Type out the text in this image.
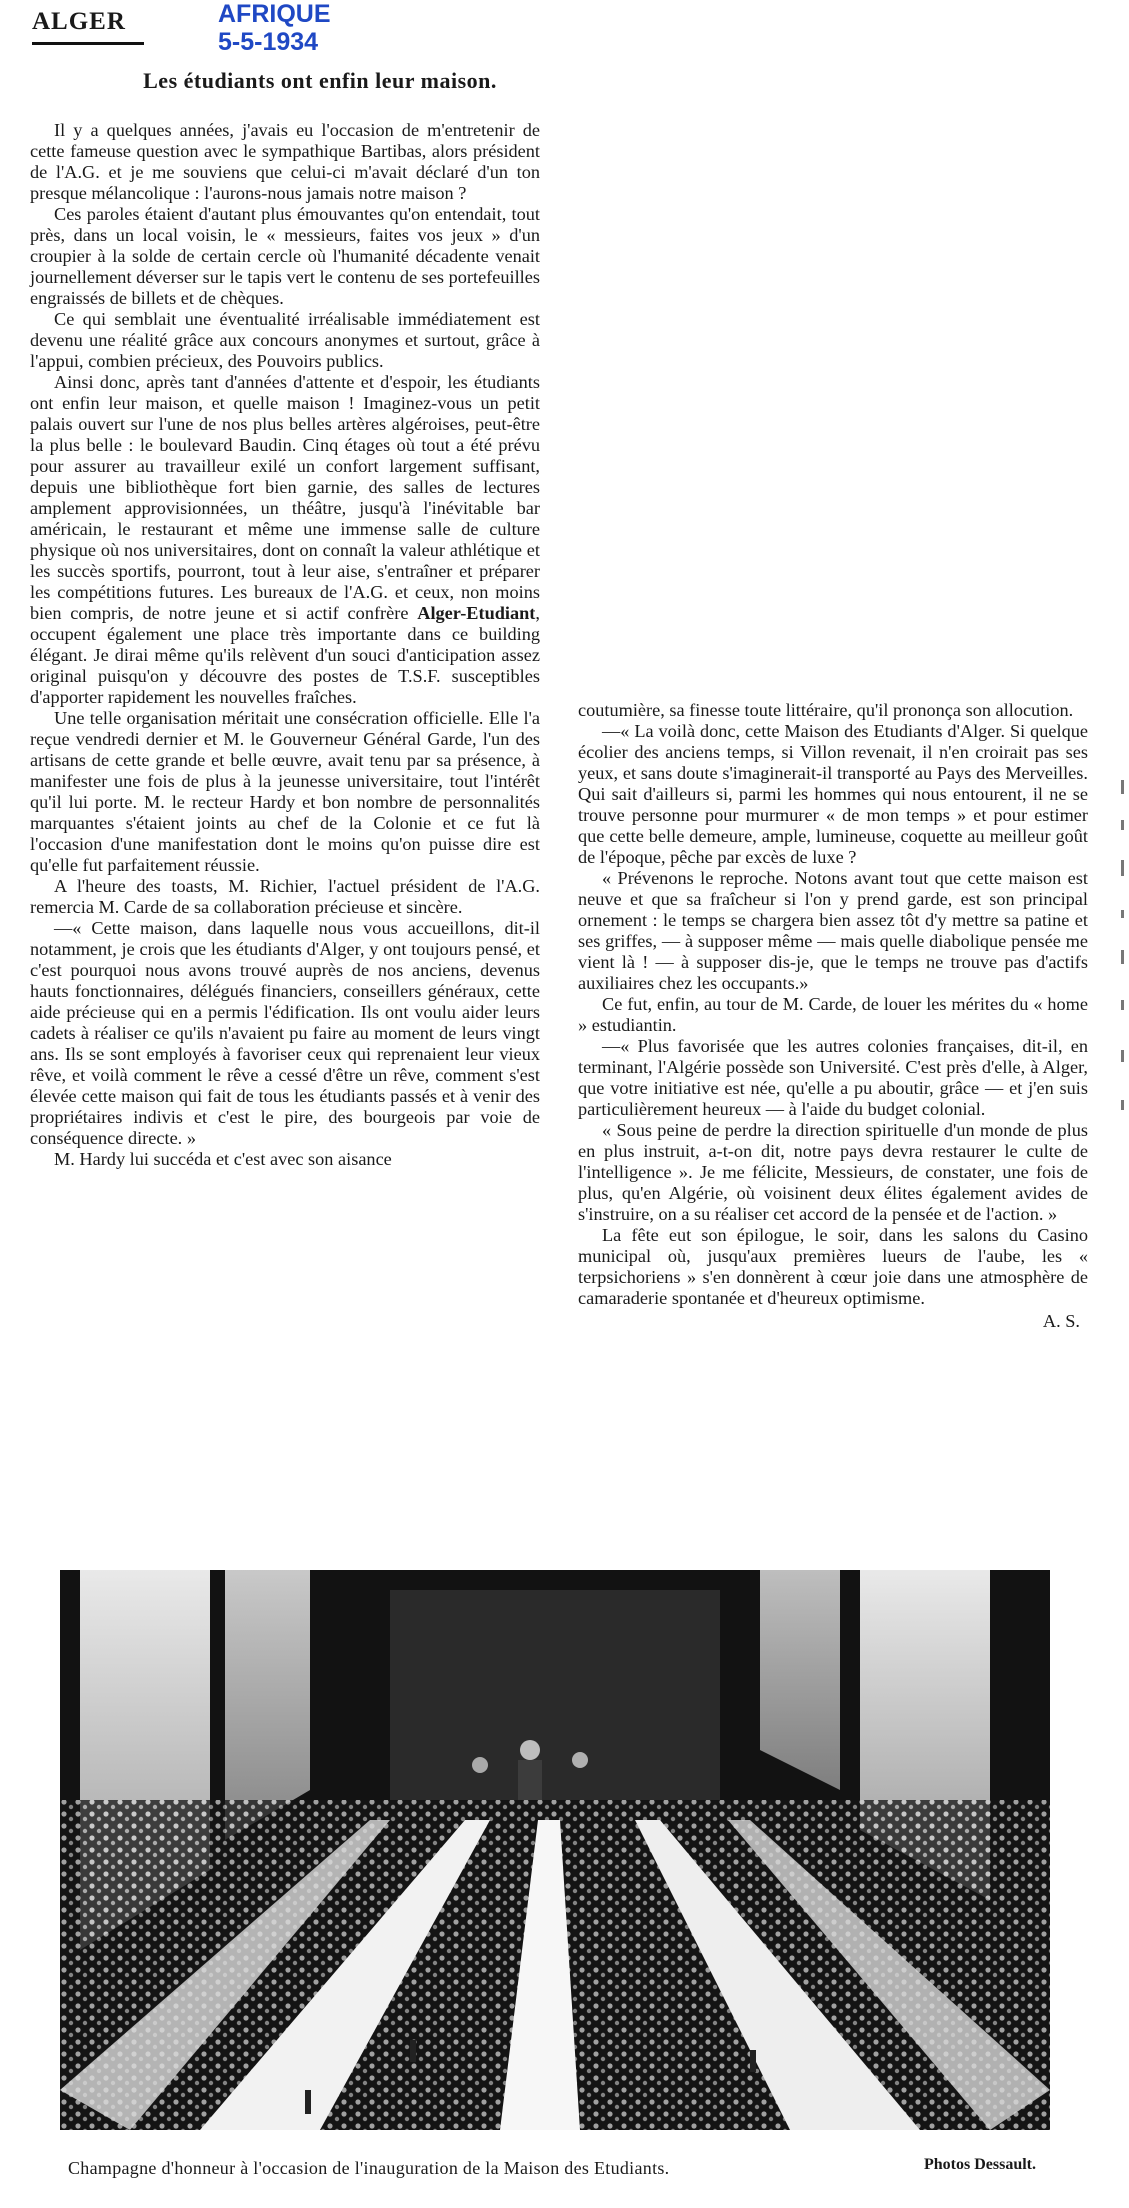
ALGER	AFRIQUE
5-5-1934
Les étudiants ont enfin leur maison.

Il y a quelques années, j'avais eu l'occasion de m'entretenir de cette fameuse question avec le sympathique Bartibas, alors président de l'A.G. et je me souviens que celui-ci m'avait déclaré d'un ton presque mélancolique : l'aurons-nous jamais notre maison ?

Ces paroles étaient d'autant plus émouvantes qu'on entendait, tout près, dans un local voisin, le « messieurs, faites vos jeux » d'un croupier à la solde de certain cercle où l'humanité décadente venait journellement déverser sur le tapis vert le contenu de ses portefeuilles engraissés de billets et de chèques.

Ce qui semblait une éventualité irréalisable immédiatement est devenu une réalité grâce aux concours anonymes et surtout, grâce à l'appui, combien précieux, des Pouvoirs publics.

Ainsi donc, après tant d'années d'attente et d'espoir, les étudiants ont enfin leur maison, et quelle maison ! Imaginez-vous un petit palais ouvert sur l'une de nos plus belles artères algéroises, peut-être la plus belle : le boulevard Baudin. Cinq étages où tout a été prévu pour assurer au travailleur exilé un confort largement suffisant, depuis une bibliothèque fort bien garnie, des salles de lectures amplement approvisionnées, un théâtre, jusqu'à l'inévitable bar américain, le restaurant et même une immense salle de culture physique où nos universitaires, dont on connaît la valeur athlétique et les succès sportifs, pourront, tout à leur aise, s'entraîner et préparer les compétitions futures. Les bureaux de l'A.G. et ceux, non moins bien compris, de notre jeune et si actif confrère Alger-Etudiant, occupent également une place très importante dans ce building élégant. Je dirai même qu'ils relèvent d'un souci d'anticipation assez original puisqu'on y découvre des postes de T.S.F. susceptibles d'apporter rapidement les nouvelles fraîches.

Une telle organisation méritait une consécration officielle. Elle l'a reçue vendredi dernier et M. le Gouverneur Général Garde, l'un des artisans de cette grande et belle œuvre, avait tenu par sa présence, à manifester une fois de plus à la jeunesse universitaire, tout l'intérêt qu'il lui porte. M. le recteur Hardy et bon nombre de personnalités marquantes s'étaient joints au chef de la Colonie et ce fut là l'occasion d'une manifestation dont le moins qu'on puisse dire est qu'elle fut parfaitement réussie.

A l'heure des toasts, M. Richier, l'actuel président de l'A.G. remercia M. Carde de sa collaboration précieuse et sincère.

—« Cette maison, dans laquelle nous vous accueillons, dit-il notamment, je crois que les étudiants d'Alger, y ont toujours pensé, et c'est pourquoi nous avons trouvé auprès de nos anciens, devenus hauts fonctionnaires, délégués financiers, conseillers généraux, cette aide précieuse qui en a permis l'édification. Ils ont voulu aider leurs cadets à réaliser ce qu'ils n'avaient pu faire au moment de leurs vingt ans. Ils se sont employés à favoriser ceux qui reprenaient leur vieux rêve, et voilà comment le rêve a cessé d'être un rêve, comment s'est élevée cette maison qui fait de tous les étudiants passés et à venir des propriétaires indivis et c'est le pire, des bourgeois par voie de conséquence directe. »

M. Hardy lui succéda et c'est avec son aisance

coutumière, sa finesse toute littéraire, qu'il prononça son allocution.

—« La voilà donc, cette Maison des Etudiants d'Alger. Si quelque écolier des anciens temps, si Villon revenait, il n'en croirait pas ses yeux, et sans doute s'imaginerait-il transporté au Pays des Merveilles. Qui sait d'ailleurs si, parmi les hommes qui nous entourent, il ne se trouve personne pour murmurer « de mon temps » et pour estimer que cette belle demeure, ample, lumineuse, coquette au meilleur goût de l'époque, pêche par excès de luxe ?

« Prévenons le reproche. Notons avant tout que cette maison est neuve et que sa fraîcheur si l'on y prend garde, est son principal ornement : le temps se chargera bien assez tôt d'y mettre sa patine et ses griffes, — à supposer même — mais quelle diabolique pensée me vient là ! — à supposer dis-je, que le temps ne trouve pas d'actifs auxiliaires chez les occupants.»

Ce fut, enfin, au tour de M. Carde, de louer les mérites du « home » estudiantin.

—« Plus favorisée que les autres colonies françaises, dit-il, en terminant, l'Algérie possède son Université. C'est près d'elle, à Alger, que votre initiative est née, qu'elle a pu aboutir, grâce — et j'en suis particulièrement heureux — à l'aide du budget colonial.

« Sous peine de perdre la direction spirituelle d'un monde de plus en plus instruit, a-t-on dit, notre pays devra restaurer le culte de l'intelligence ». Je me félicite, Messieurs, de constater, une fois de plus, qu'en Algérie, où voisinent deux élites également avides de s'instruire, on a su réaliser cet accord de la pensée et de l'action. »

La fête eut son épilogue, le soir, dans les salons du Casino municipal où, jusqu'aux premières lueurs de l'aube, les « terpsichoriens » s'en donnèrent à cœur joie dans une atmosphère de camaraderie spontanée et d'heureux optimisme.

A. S.
Champagne d'honneur à l'occasion de l'inauguration de la Maison des Etudiants.	Photos Dessault.
